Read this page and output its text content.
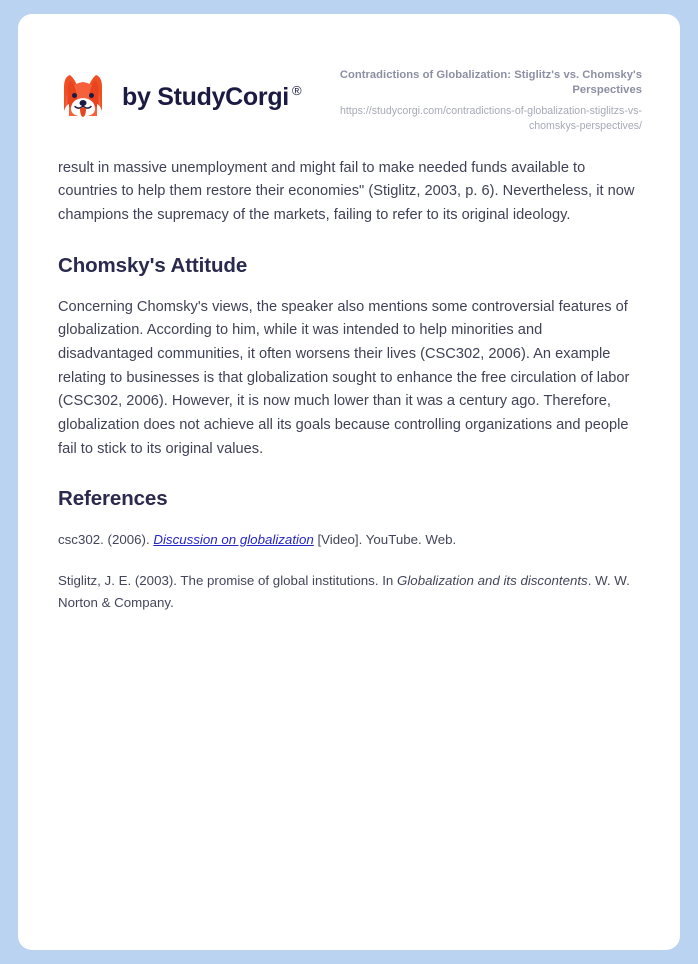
by StudyCorgi ®

Contradictions of Globalization: Stiglitz's vs. Chomsky's Perspectives

https://studycorgi.com/contradictions-of-globalization-stiglitzs-vs-chomskys-perspectives/

result in massive unemployment and might fail to make needed funds available to countries to help them restore their economies" (Stiglitz, 2003, p. 6). Nevertheless, it now champions the supremacy of the markets, failing to refer to its original ideology.

Chomsky's Attitude

Concerning Chomsky's views, the speaker also mentions some controversial features of globalization. According to him, while it was intended to help minorities and disadvantaged communities, it often worsens their lives (CSC302, 2006). An example relating to businesses is that globalization sought to enhance the free circulation of labor (CSC302, 2006). However, it is now much lower than it was a century ago. Therefore, globalization does not achieve all its goals because controlling organizations and people fail to stick to its original values.

References

csc302. (2006). Discussion on globalization [Video]. YouTube. Web.

Stiglitz, J. E. (2003). The promise of global institutions. In Globalization and its discontents. W. W. Norton & Company.
